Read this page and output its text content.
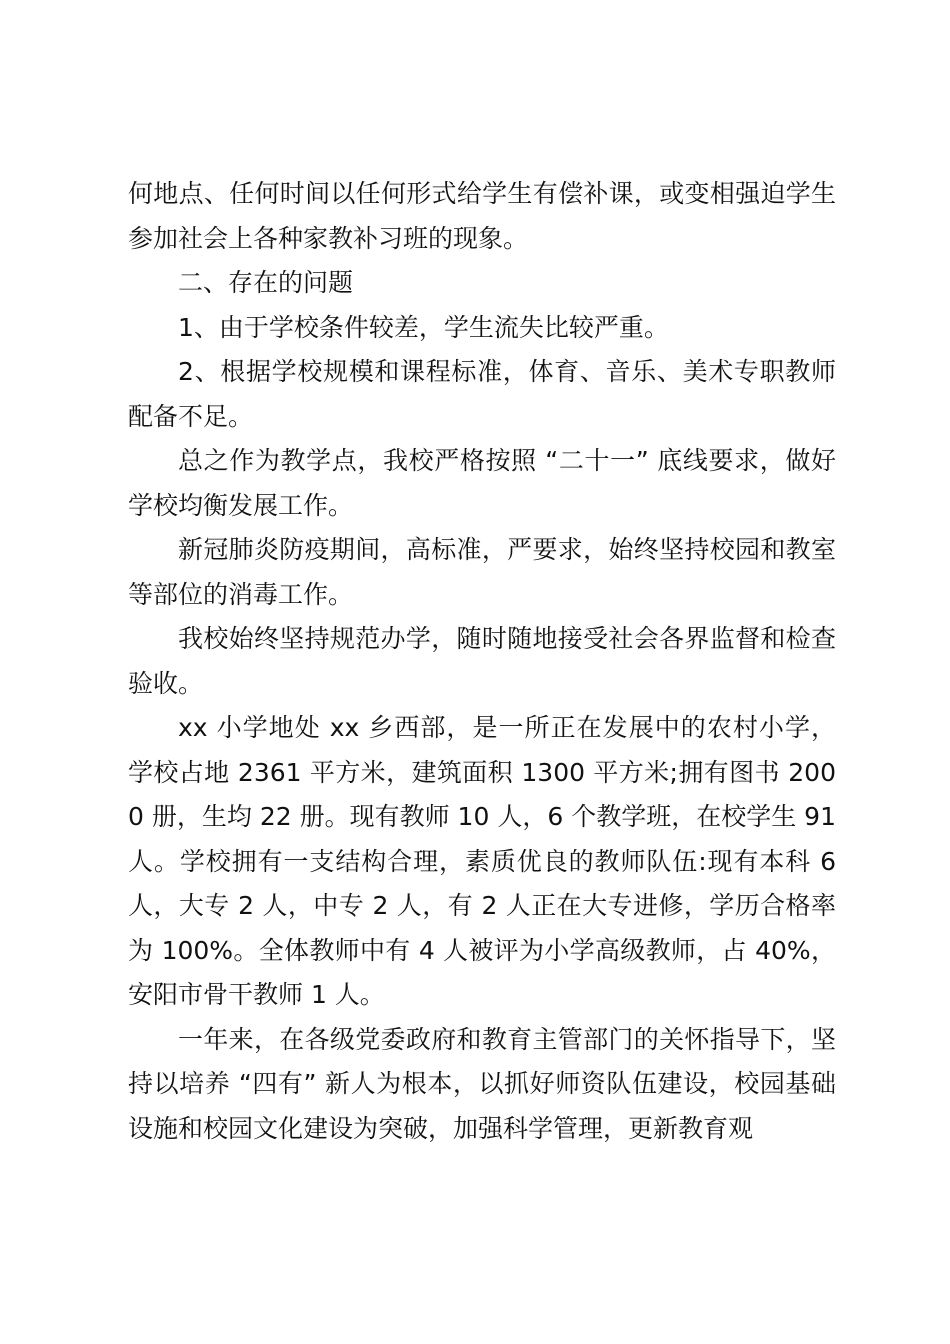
何地点、任何时间以任何形式给学生有偿补课，或变相强迫学生参加社会上各种家教补习班的现象。

二、存在的问题

1、由于学校条件较差，学生流失比较严重。

2、根据学校规模和课程标准，体育、音乐、美术专职教师配备不足。

总之作为教学点，我校严格按照 “二十一” 底线要求，做好学校均衡发展工作。

新冠肺炎防疫期间，高标准，严要求，始终坚持校园和教室等部位的消毒工作。

我校始终坚持规范办学，随时随地接受社会各界监督和检查验收。

xx 小学地处 xx 乡西部，是一所正在发展中的农村小学，学校占地 2361 平方米，建筑面积 1300 平方米;拥有图书 2000 册，生均 22 册。现有教师 10 人，6 个教学班，在校学生 91 人。学校拥有一支结构合理，素质优良的教师队伍:现有本科 6 人，大专 2 人，中专 2 人，有 2 人正在大专进修，学历合格率为 100%。全体教师中有 4 人被评为小学高级教师，占 40%，安阳市骨干教师 1 人。

一年来，在各级党委政府和教育主管部门的关怀指导下，坚持以培养 “四有” 新人为根本，以抓好师资队伍建设，校园基础设施和校园文化建设为突破，加强科学管理，更新教育观
